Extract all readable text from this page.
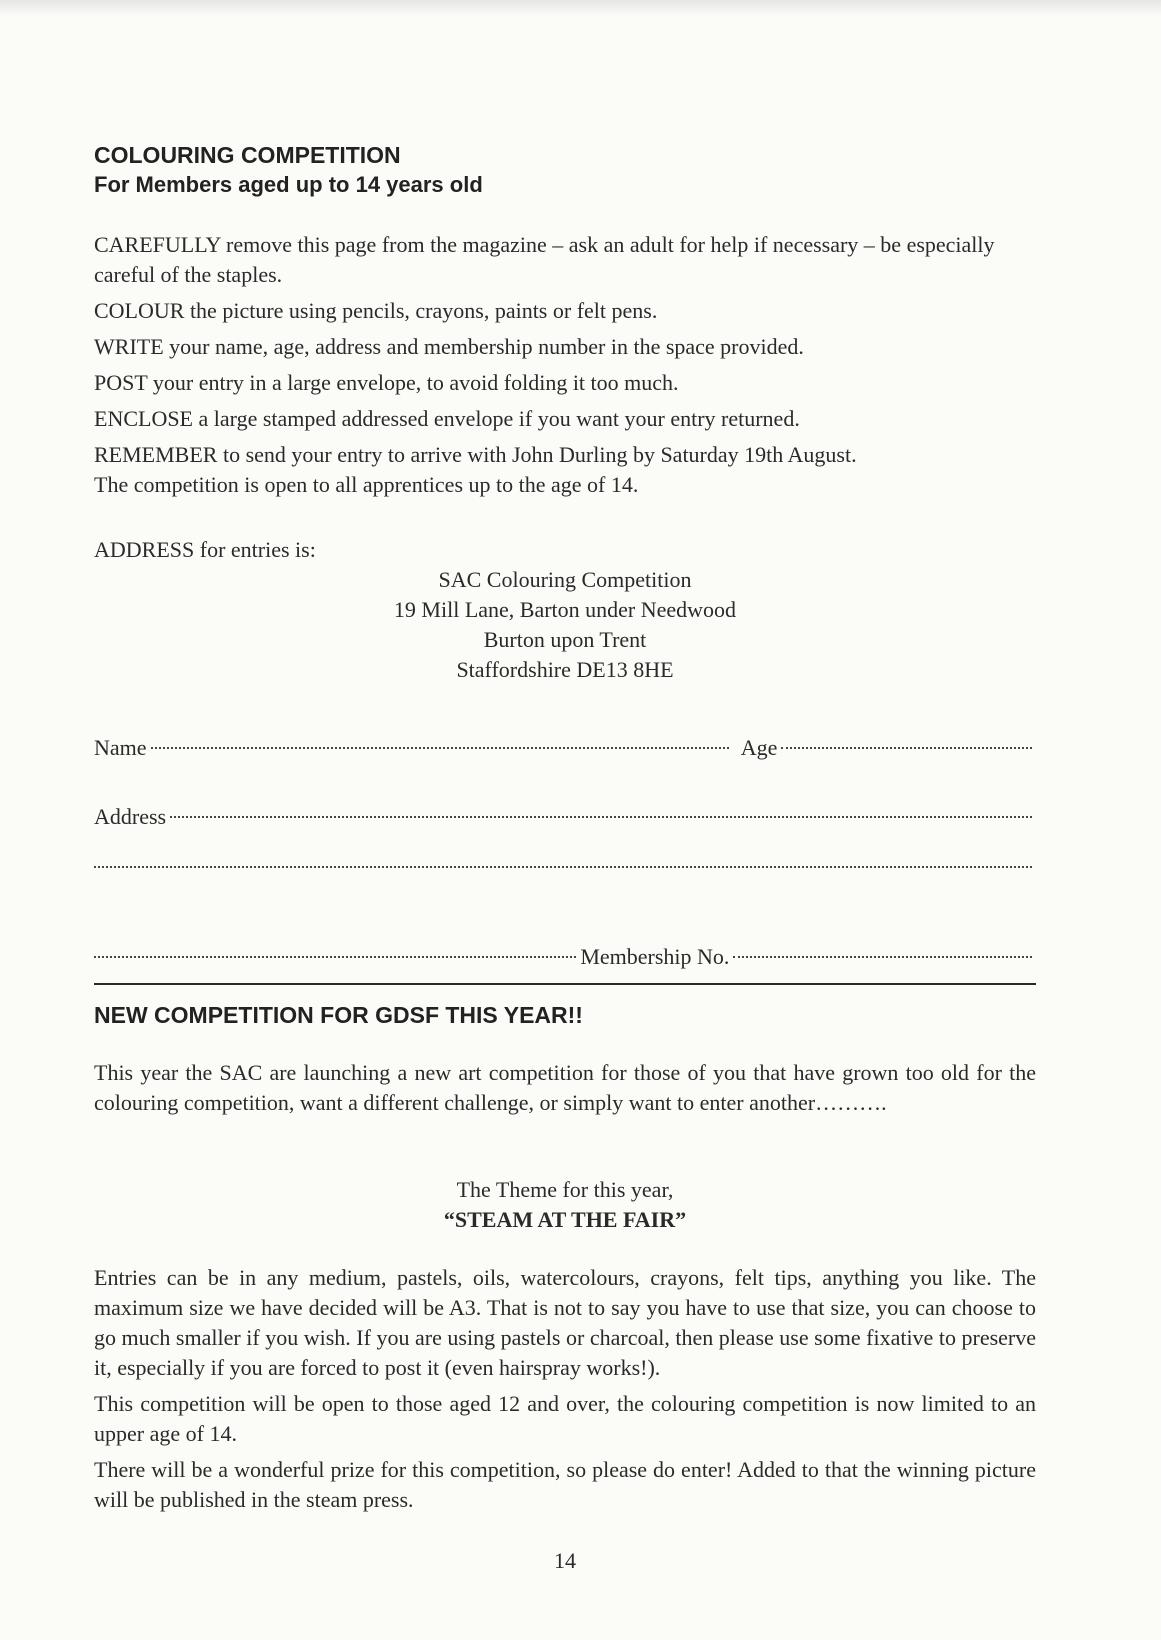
COLOURING COMPETITION

For Members aged up to 14 years old

CAREFULLY remove this page from the magazine – ask an adult for help if necessary – be especially careful of the staples.

COLOUR the picture using pencils, crayons, paints or felt pens.

WRITE your name, age, address and membership number in the space provided.

POST your entry in a large envelope, to avoid folding it too much.

ENCLOSE a large stamped addressed envelope if you want your entry returned.

REMEMBER to send your entry to arrive with John Durling by Saturday 19th August.

The competition is open to all apprentices up to the age of 14.

ADDRESS for entries is:

SAC Colouring Competition

19 Mill Lane, Barton under Needwood

Burton upon Trent

Staffordshire DE13 8HE

Name	Age
Address
Membership No.

NEW COMPETITION FOR GDSF THIS YEAR!!

This year the SAC are launching a new art competition for those of you that have grown too old for the colouring competition, want a different challenge, or simply want to enter another……….

The Theme for this year,

“STEAM AT THE FAIR”

Entries can be in any medium, pastels, oils, watercolours, crayons, felt tips, anything you like. The maximum size we have decided will be A3. That is not to say you have to use that size, you can choose to go much smaller if you wish. If you are using pastels or charcoal, then please use some fixative to preserve it, especially if you are forced to post it (even hairspray works!).

This competition will be open to those aged 12 and over, the colouring competition is now limited to an upper age of 14.

There will be a wonderful prize for this competition, so please do enter! Added to that the winning picture will be published in the steam press.

14
